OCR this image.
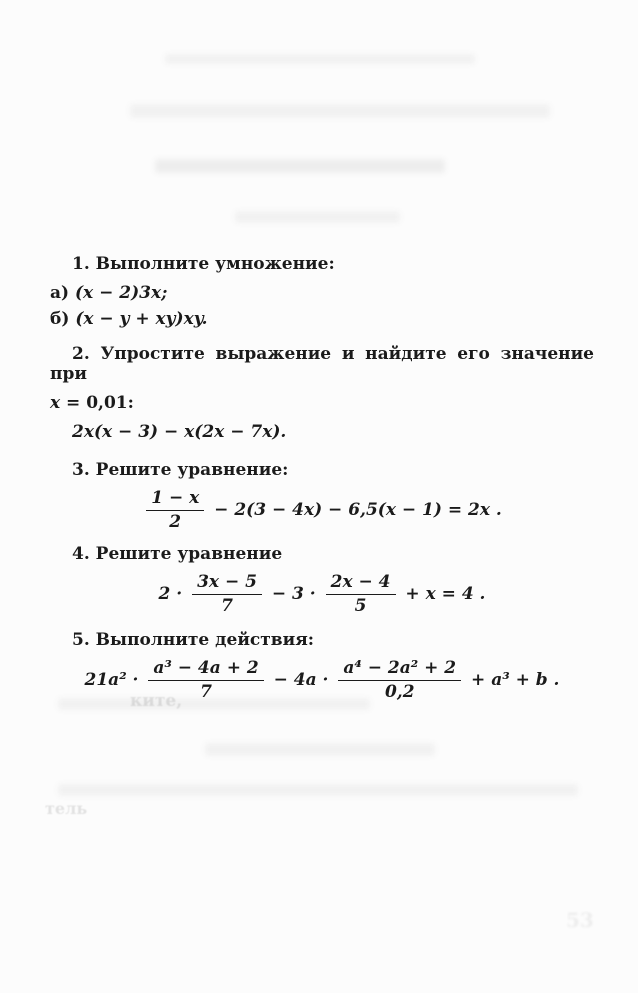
ките,
тель
53

1. Выполните умножение:

а) (x − 2)3x;

б) (x − y + xy)xy.

2. Упростите выражение и найдите его значение при

x = 0,01:

2x(x − 3) − x(2x − 7x).

3. Решите уравнение:

$\frac{1 - x}{2} - 2(3 - 4x) - 6,5(x - 1) = 2x$ .

4. Решите уравнение

$2 \cdot \frac{3x - 5}{7} - 3 \cdot \frac{2x - 4}{5} + x = 4$ .

5. Выполните действия:

$21a^2 \cdot \frac{\text{a³ − 4a + 2}}{7} - 4a \cdot \frac{\text{a⁴ − 2a² + 2}}{0,2} + a^3 + b$ .
